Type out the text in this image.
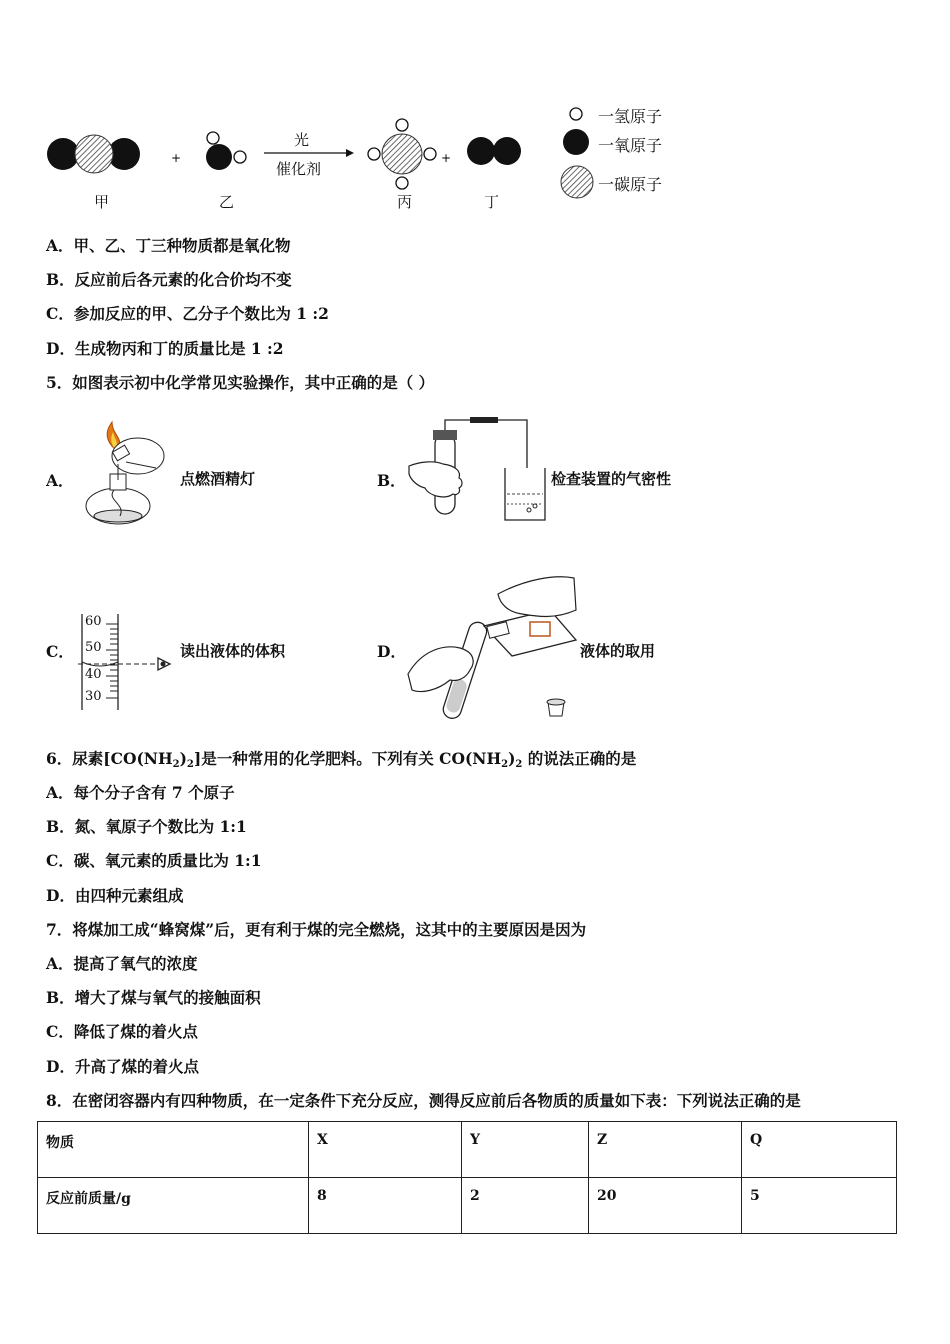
+	+
光
催化剂
甲	乙	丙	丁
一氢原子
一氧原子
一碳原子
A．甲、乙、丁三种物质都是氧化物
B．反应前后各元素的化合价均不变
C．参加反应的甲、乙分子个数比为 1 :2
D．生成物丙和丁的质量比是 1 :2
5．如图表示初中化学常见实验操作，其中正确的是（ ）
A．	点燃酒精灯	B．	检查装置的气密性
C．
60
50
40
30
读出液体的体积	D．	液体的取用
6．尿素$[CO(NH_2)_2]$是一种常用的化学肥料。下列有关 $CO(NH_2)_2$ 的说法正确的是
A．每个分子含有 7 个原子
B．氮、氧原子个数比为 1:1
C．碳、氧元素的质量比为 1:1
D．由四种元素组成
7．将煤加工成“蜂窝煤”后，更有利于煤的完全燃烧，这其中的主要原因是因为
A．提高了氧气的浓度
B．增大了煤与氧气的接触面积
C．降低了煤的着火点
D．升高了煤的着火点
8．在密闭容器内有四种物质，在一定条件下充分反应，测得反应前后各物质的质量如下表：下列说法正确的是
物质	X	Y	Z	Q
反应前质量/g	8	2	20	5
